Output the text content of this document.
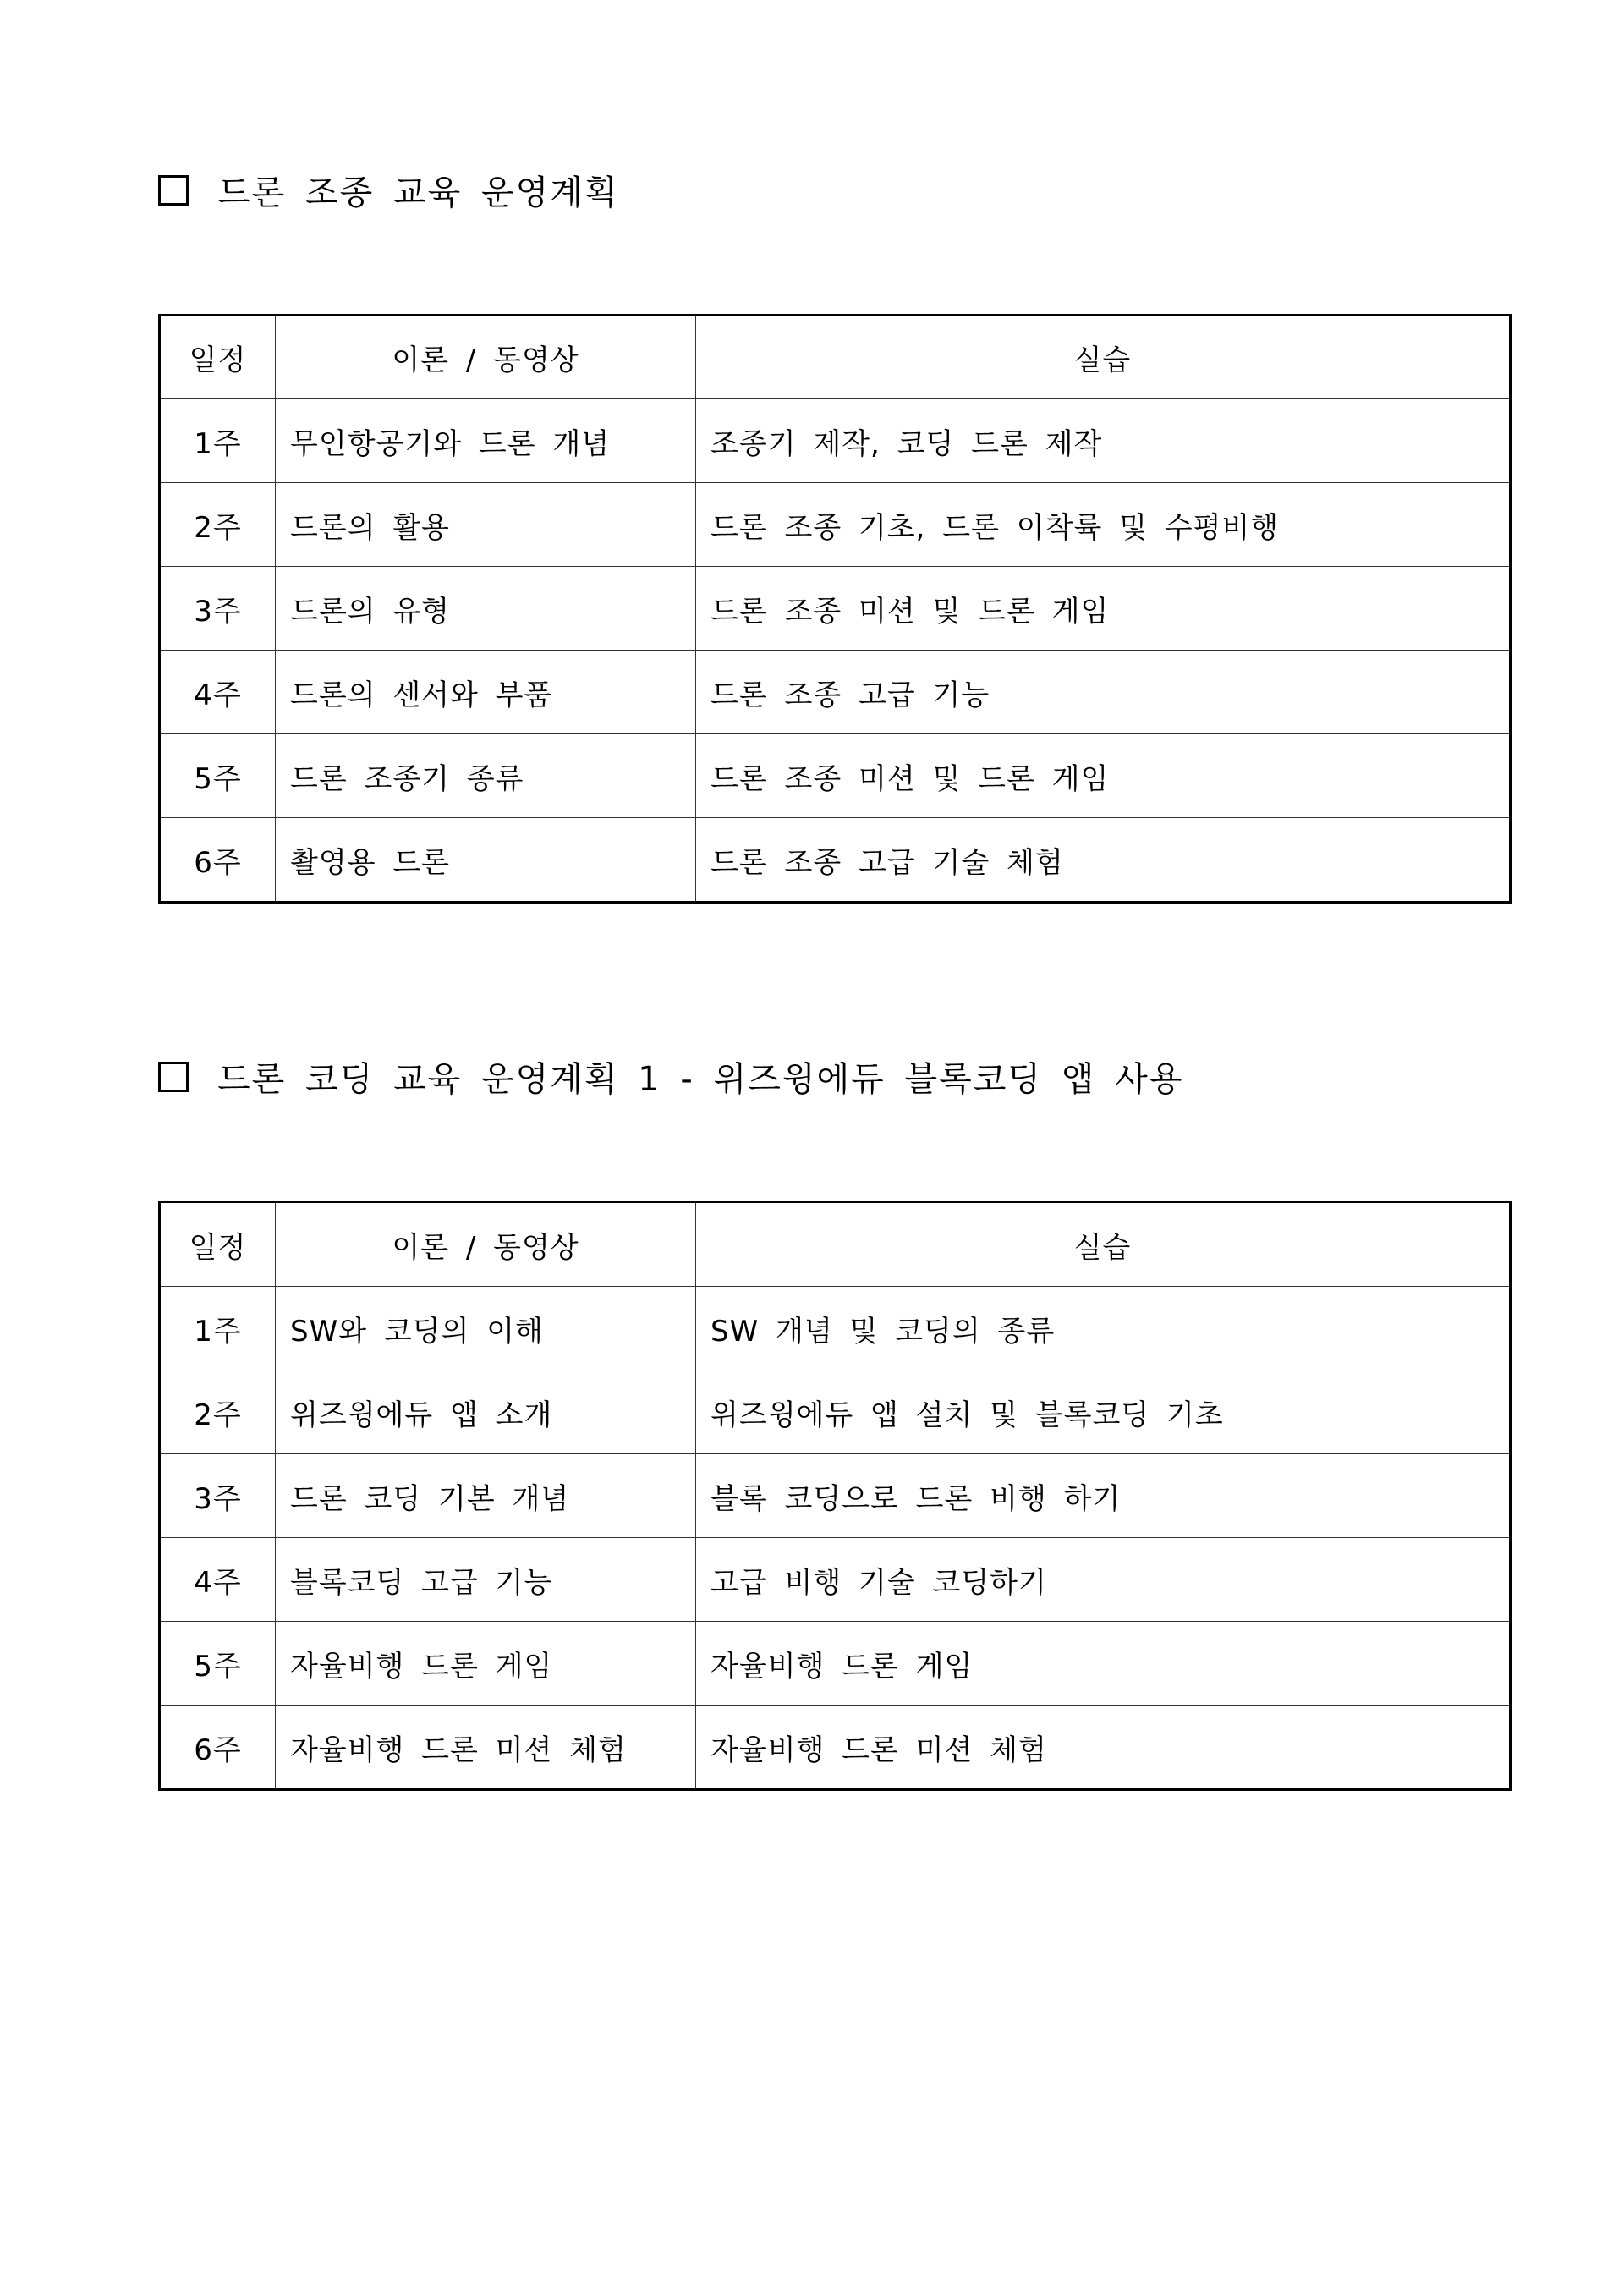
드론 조종 교육 운영계획
일정	이론 / 동영상	실습
1주	무인항공기와 드론 개념	조종기 제작, 코딩 드론 제작
2주	드론의 활용	드론 조종 기초, 드론 이착륙 및 수평비행
3주	드론의 유형	드론 조종 미션 및 드론 게임
4주	드론의 센서와 부품	드론 조종 고급 기능
5주	드론 조종기 종류	드론 조종 미션 및 드론 게임
6주	촬영용 드론	드론 조종 고급 기술 체험
드론 코딩 교육 운영계획 1 - 위즈윙에듀 블록코딩 앱 사용
일정	이론 / 동영상	실습
1주	SW와 코딩의 이해	SW 개념 및 코딩의 종류
2주	위즈윙에듀 앱 소개	위즈윙에듀 앱 설치 및 블록코딩 기초
3주	드론 코딩 기본 개념	블록 코딩으로 드론 비행 하기
4주	블록코딩 고급 기능	고급 비행 기술 코딩하기
5주	자율비행 드론 게임	자율비행 드론 게임
6주	자율비행 드론 미션 체험	자율비행 드론 미션 체험
